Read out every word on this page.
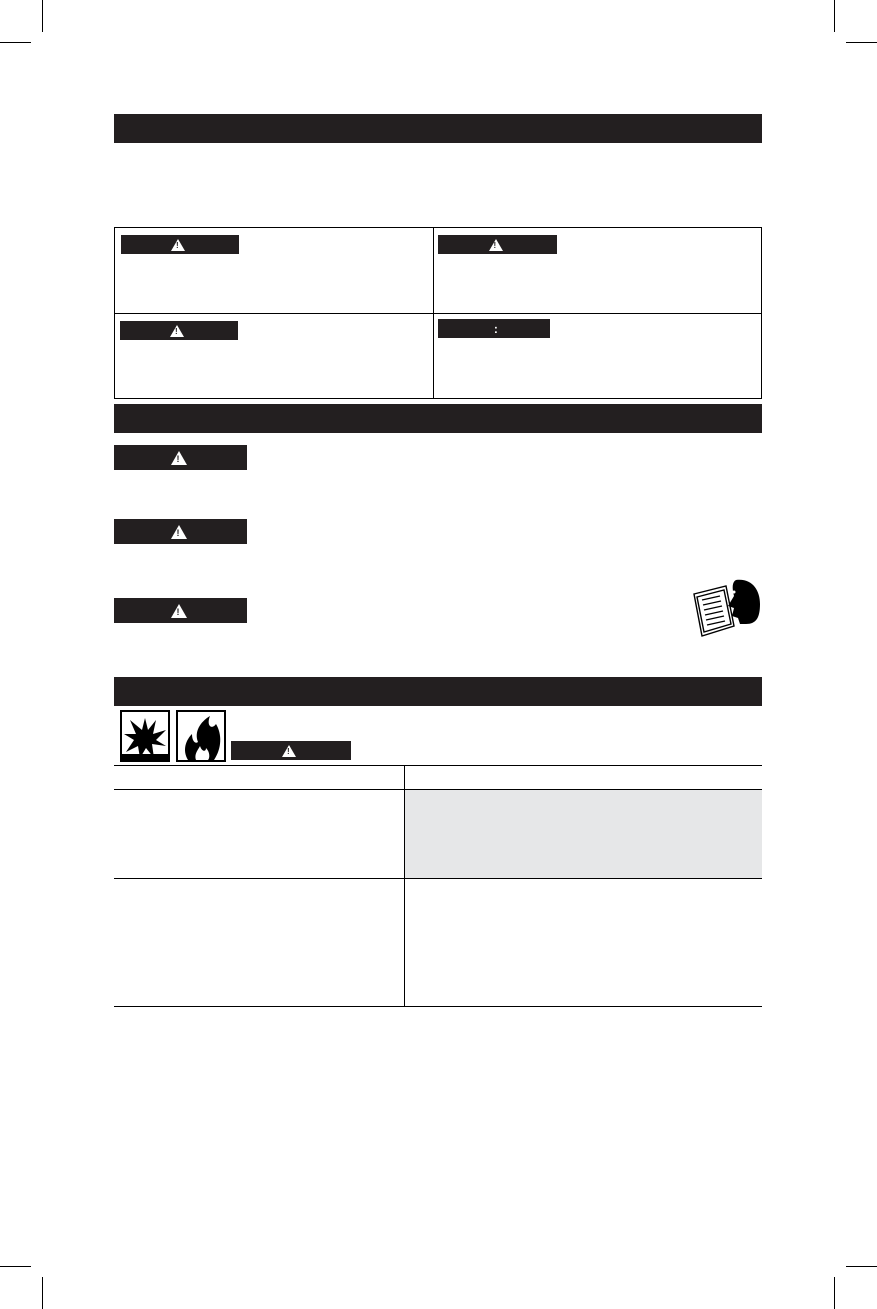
!	!
!	:
!
!
!
!
